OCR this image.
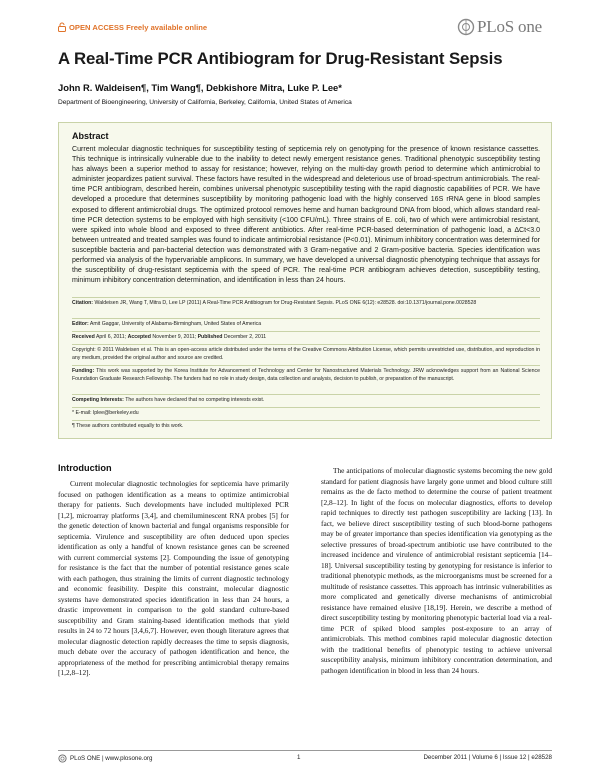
OPEN ACCESS Freely available online	PLoS one
A Real-Time PCR Antibiogram for Drug-Resistant Sepsis
John R. Waldeisen¶, Tim Wang¶, Debkishore Mitra, Luke P. Lee*
Department of Bioengineering, University of California, Berkeley, California, United States of America
Abstract
Current molecular diagnostic techniques for susceptibility testing of septicemia rely on genotyping for the presence of known resistance cassettes. This technique is intrinsically vulnerable due to the inability to detect newly emergent resistance genes. Traditional phenotypic susceptibility testing has always been a superior method to assay for resistance; however, relying on the multi-day growth period to determine which antimicrobial to administer jeopardizes patient survival. These factors have resulted in the widespread and deleterious use of broad-spectrum antimicrobials. The real-time PCR antibiogram, described herein, combines universal phenotypic susceptibility testing with the rapid diagnostic capabilities of PCR. We have developed a procedure that determines susceptibility by monitoring pathogenic load with the highly conserved 16S rRNA gene in blood samples exposed to different antimicrobial drugs. The optimized protocol removes heme and human background DNA from blood, which allows standard real-time PCR detection systems to be employed with high sensitivity (<100 CFU/mL). Three strains of E. coli, two of which were antimicrobial resistant, were spiked into whole blood and exposed to three different antibiotics. After real-time PCR-based determination of pathogenic load, a ΔCt<3.0 between untreated and treated samples was found to indicate antimicrobial resistance (P<0.01). Minimum inhibitory concentration was determined for susceptible bacteria and pan-bacterial detection was demonstrated with 3 Gram-negative and 2 Gram-positive bacteria. Species identification was performed via analysis of the hypervariable amplicons. In summary, we have developed a universal diagnostic phenotyping technique that assays for the susceptibility of drug-resistant septicemia with the speed of PCR. The real-time PCR antibiogram achieves detection, susceptibility testing, minimum inhibitory concentration determination, and identification in less than 24 hours.
Citation: Waldeisen JR, Wang T, Mitra D, Lee LP (2011) A Real-Time PCR Antibiogram for Drug-Resistant Sepsis. PLoS ONE 6(12): e28528. doi:10.1371/journal.pone.0028528
Editor: Amit Gaggar, University of Alabama-Birmingham, United States of America
Received April 6, 2011; Accepted November 9, 2011; Published December 2, 2011
Copyright: © 2011 Waldeisen et al. This is an open-access article distributed under the terms of the Creative Commons Attribution License, which permits unrestricted use, distribution, and reproduction in any medium, provided the original author and source are credited.
Funding: This work was supported by the Korea Institute for Advancement of Technology and Center for Nanostructured Materials Technology. JRW acknowledges support from an National Science Foundation Graduate Research Fellowship. The funders had no role in study design, data collection and analysis, decision to publish, or preparation of the manuscript.
Competing Interests: The authors have declared that no competing interests exist.
* E-mail: lplee@berkeley.edu
¶ These authors contributed equally to this work.
Introduction

Current molecular diagnostic technologies for septicemia have primarily focused on pathogen identification as a means to optimize antimicrobial therapy for patients. Such developments have included multiplexed PCR [1,2], microarray platforms [3,4], and chemiluminescent RNA probes [5] for the genetic detection of known bacterial and fungal organisms responsible for septicemia. Virulence and susceptibility are often deduced upon species identification as only a handful of known resistance genes can be screened with current commercial systems [2]. Compounding the issue of genotyping for resistance is the fact that the number of potential resistance genes scale with each pathogen, thus straining the limits of current diagnostic technology and economic feasibility. Despite this constraint, molecular diagnostic systems have demonstrated species identification in less than 24 hours, a drastic improvement in comparison to the gold standard culture-based susceptibility and Gram staining-based identification methods that yield results in 24 to 72 hours [3,4,6,7]. However, even though literature agrees that molecular diagnostic detection rapidly decreases the time to sepsis diagnosis, much debate over the accuracy of pathogen identification and hence, the appropriateness of the method for prescribing antimicrobial therapy remains [1,2,8–12].

The anticipations of molecular diagnostic systems becoming the new gold standard for patient diagnosis have largely gone unmet and blood culture still remains as the de facto method to determine the course of patient treatment [2,8–12]. In light of the focus on molecular diagnostics, efforts to develop rapid techniques to directly test pathogen susceptibility are lacking [13]. In fact, we believe direct susceptibility testing of such blood-borne pathogens may be of greater importance than species identification via genotyping as the selective pressures of broad-spectrum antibiotic use have contributed to the increased incidence and virulence of antimicrobial resistant septicemia [14–18]. Universal susceptibility testing by genotyping for resistance is inferior to traditional phenotypic methods, as the microorganisms must be screened for a multitude of resistance cassettes. This approach has intrinsic vulnerabilities as more complicated and genetically diverse mechanisms of antimicrobial resistance have remained elusive [18,19]. Herein, we describe a method of direct susceptibility testing by monitoring phenotypic bacterial load via a real-time PCR of spiked blood samples post-exposure to an array of antimicrobials. This method combines rapid molecular diagnostic detection with the traditional benefits of phenotypic testing to achieve universal susceptibility analysis, minimum inhibitory concentration determination, and pathogen identification in blood in less than 24 hours.

PLoS ONE | www.plosone.org	1	December 2011 | Volume 6 | Issue 12 | e28528
